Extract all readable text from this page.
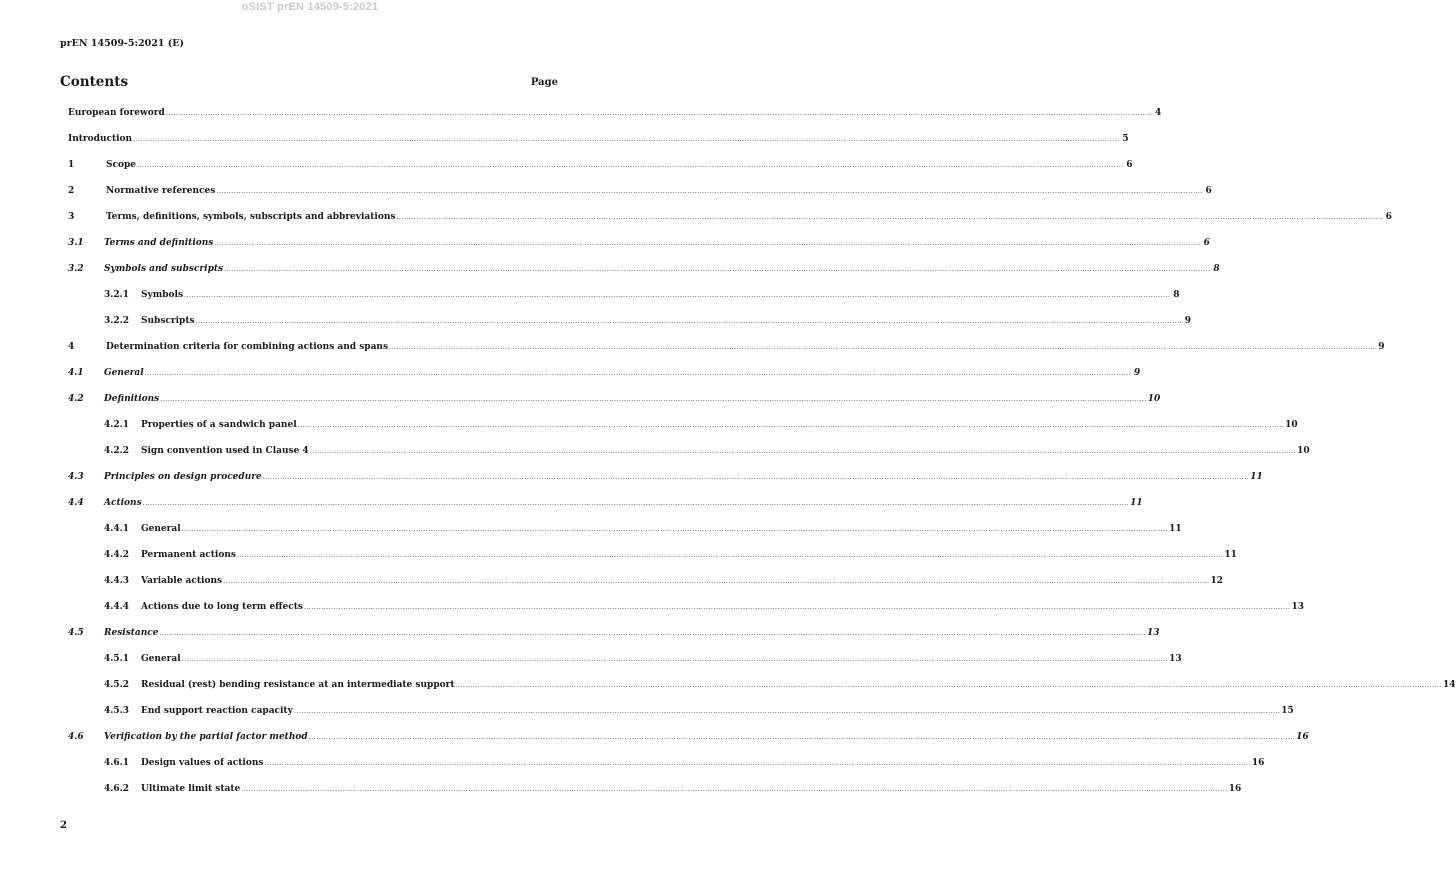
oSIST prEN 14509-5:2021
prEN 14509-5:2021 (E)
Contents	Page
European foreword ................................................................................................................................................................................................................................................................................................................................................................................................................ 4
Introduction ................................................................................................................................................................................................................................................................................................................................................................................................................ 5
1	Scope ................................................................................................................................................................................................................................................................................................................................................................................................................ 6
2	Normative references ................................................................................................................................................................................................................................................................................................................................................................................................................ 6
3	Terms, definitions, symbols, subscripts and abbreviations ................................................................................................................................................................................................................................................................................................................................................................................................................ 6
3.1	Terms and definitions ................................................................................................................................................................................................................................................................................................................................................................................................................ 6
3.2	Symbols and subscripts ................................................................................................................................................................................................................................................................................................................................................................................................................ 8
3.2.1	Symbols ................................................................................................................................................................................................................................................................................................................................................................................................................ 8
3.2.2	Subscripts ................................................................................................................................................................................................................................................................................................................................................................................................................ 9
4	Determination criteria for combining actions and spans ................................................................................................................................................................................................................................................................................................................................................................................................................ 9
4.1	General ................................................................................................................................................................................................................................................................................................................................................................................................................ 9
4.2	Definitions ................................................................................................................................................................................................................................................................................................................................................................................................................ 10
4.2.1	Properties of a sandwich panel ................................................................................................................................................................................................................................................................................................................................................................................................................ 10
4.2.2	Sign convention used in Clause 4 ................................................................................................................................................................................................................................................................................................................................................................................................................ 10
4.3	Principles on design procedure ................................................................................................................................................................................................................................................................................................................................................................................................................ 11
4.4	Actions ................................................................................................................................................................................................................................................................................................................................................................................................................ 11
4.4.1	General ................................................................................................................................................................................................................................................................................................................................................................................................................ 11
4.4.2	Permanent actions ................................................................................................................................................................................................................................................................................................................................................................................................................ 11
4.4.3	Variable actions ................................................................................................................................................................................................................................................................................................................................................................................................................ 12
4.4.4	Actions due to long term effects ................................................................................................................................................................................................................................................................................................................................................................................................................ 13
4.5	Resistance ................................................................................................................................................................................................................................................................................................................................................................................................................ 13
4.5.1	General ................................................................................................................................................................................................................................................................................................................................................................................................................ 13
4.5.2	Residual (rest) bending resistance at an intermediate support ................................................................................................................................................................................................................................................................................................................................................................................................................ 14
4.5.3	End support reaction capacity ................................................................................................................................................................................................................................................................................................................................................................................................................ 15
4.6	Verification by the partial factor method ................................................................................................................................................................................................................................................................................................................................................................................................................ 16
4.6.1	Design values of actions ................................................................................................................................................................................................................................................................................................................................................................................................................ 16
4.6.2	Ultimate limit state ................................................................................................................................................................................................................................................................................................................................................................................................................ 16
2
